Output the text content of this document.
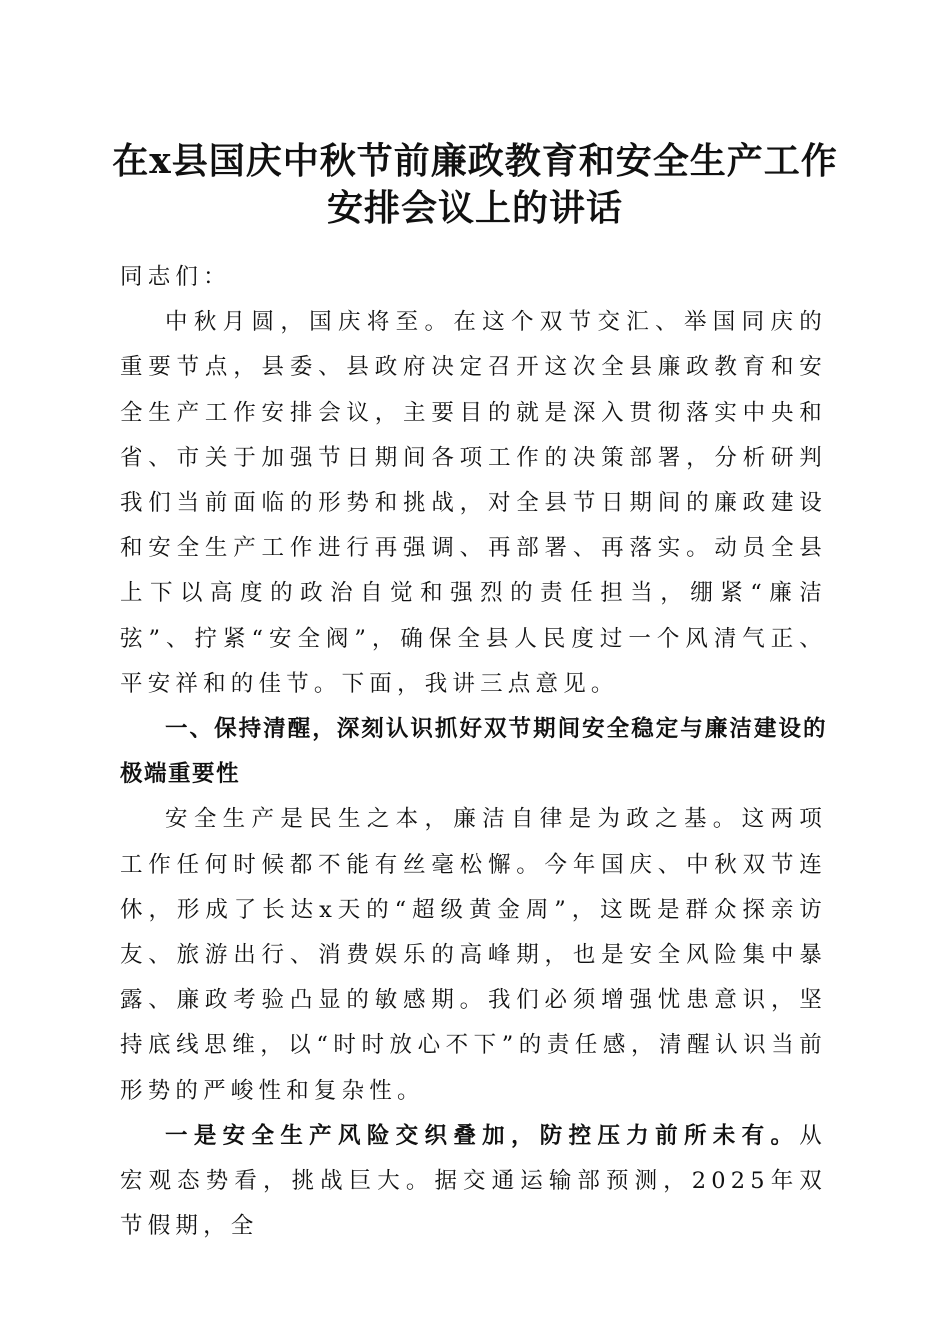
在x县国庆中秋节前廉政教育和安全生产工作
安排会议上的讲话

同志们：

中秋月圆，国庆将至。在这个双节交汇、举国同庆的重要节点，县委、县政府决定召开这次全县廉政教育和安全生产工作安排会议，主要目的就是深入贯彻落实中央和省、市关于加强节日期间各项工作的决策部署，分析研判我们当前面临的形势和挑战，对全县节日期间的廉政建设和安全生产工作进行再强调、再部署、再落实。动员全县上下以高度的政治自觉和强烈的责任担当，绷紧“廉洁弦”、拧紧“安全阀”，确保全县人民度过一个风清气正、平安祥和的佳节。下面，我讲三点意见。

一、保持清醒，深刻认识抓好双节期间安全稳定与廉洁建设的极端重要性

安全生产是民生之本，廉洁自律是为政之基。这两项工作任何时候都不能有丝毫松懈。今年国庆、中秋双节连休，形成了长达x天的“超级黄金周”，这既是群众探亲访友、旅游出行、消费娱乐的高峰期，也是安全风险集中暴露、廉政考验凸显的敏感期。我们必须增强忧患意识，坚持底线思维，以“时时放心不下”的责任感，清醒认识当前形势的严峻性和复杂性。

一是安全生产风险交织叠加，防控压力前所未有。从宏观态势看，挑战巨大。据交通运输部预测，2025年双节假期，全
